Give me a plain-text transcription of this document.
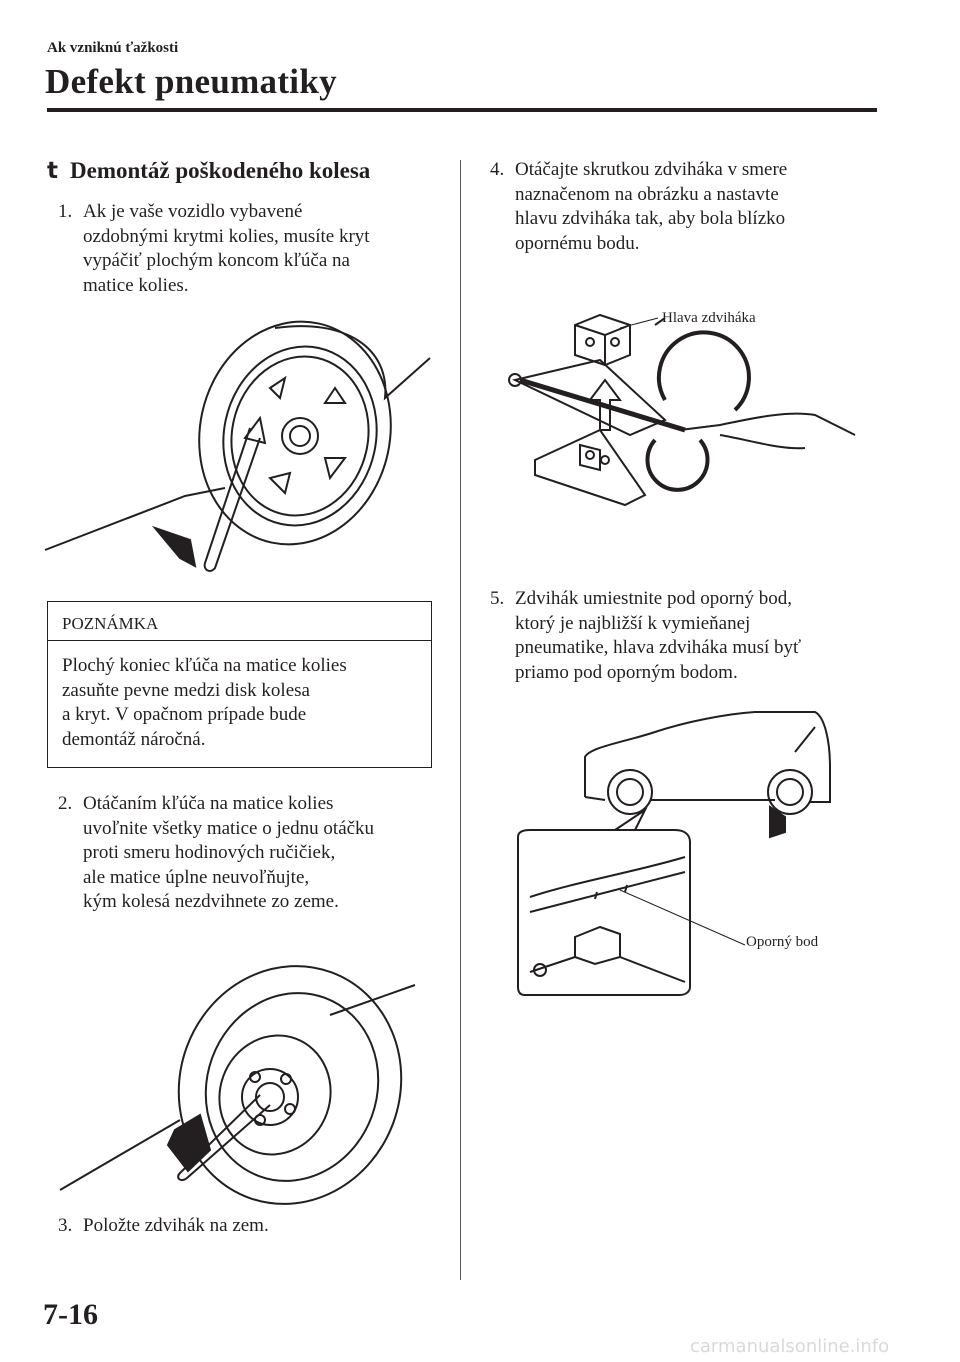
Ak vzniknú ťažkosti
Defekt pneumatiky
t Demontáž poškodeného kolesa
1. Ak je vaše vozidlo vybavené
ozdobnými krytmi kolies, musíte kryt
vypáčiť plochým koncom kľúča na
matice kolies.
POZNÁMKA
Plochý koniec kľúča na matice kolies
zasuňte pevne medzi disk kolesa
a kryt. V opačnom prípade bude
demontáž náročná.
2. Otáčaním kľúča na matice kolies
uvoľnite všetky matice o jednu otáčku
proti smeru hodinových ručičiek,
ale matice úplne neuvoľňujte,
kým kolesá nezdvihnete zo zeme.
3. Položte zdvihák na zem.
4. Otáčajte skrutkou zdviháka v smere
naznačenom na obrázku a nastavte
hlavu zdviháka tak, aby bola blízko
opornému bodu.
Hlava zdviháka
5. Zdvihák umiestnite pod oporný bod,
ktorý je najbližší k vymieňanej
pneumatike, hlava zdviháka musí byť
priamo pod oporným bodom.
Oporný bod
7-16
carmanualsonline.info
